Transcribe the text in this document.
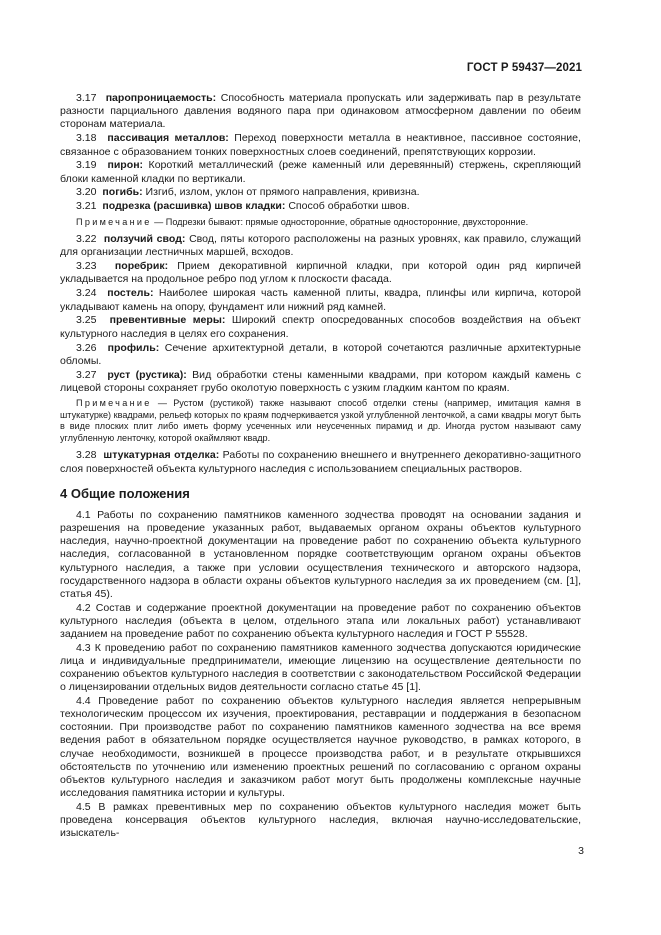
ГОСТ Р 59437—2021

3.17 паропроницаемость: Способность материала пропускать или задерживать пар в результате разности парциального давления водяного пара при одинаковом атмосферном давлении по обеим сторонам материала.

3.18 пассивация металлов: Переход поверхности металла в неактивное, пассивное состояние, связанное с образованием тонких поверхностных слоев соединений, препятствующих коррозии.

3.19 пирон: Короткий металлический (реже каменный или деревянный) стержень, скрепляющий блоки каменной кладки по вертикали.

3.20 погибь: Изгиб, излом, уклон от прямого направления, кривизна.

3.21 подрезка (расшивка) швов кладки: Способ обработки швов.

Примечание — Подрезки бывают: прямые односторонние, обратные односторонние, двухсторонние.

3.22 ползучий свод: Свод, пяты которого расположены на разных уровнях, как правило, служащий для организации лестничных маршей, всходов.

3.23 поребрик: Прием декоративной кирпичной кладки, при которой один ряд кирпичей укладывается на продольное ребро под углом к плоскости фасада.

3.24 постель: Наиболее широкая часть каменной плиты, квадра, плинфы или кирпича, которой укладывают камень на опору, фундамент или нижний ряд камней.

3.25 превентивные меры: Широкий спектр опосредованных способов воздействия на объект культурного наследия в целях его сохранения.

3.26 профиль: Сечение архитектурной детали, в которой сочетаются различные архитектурные обломы.

3.27 руст (рустика): Вид обработки стены каменными квадрами, при котором каждый камень с лицевой стороны сохраняет грубо околотую поверхность с узким гладким кантом по краям.

Примечание — Рустом (рустикой) также называют способ отделки стены (например, имитация камня в штукатурке) квадрами, рельеф которых по краям подчеркивается узкой углубленной ленточкой, а сами квадры могут быть в виде плоских плит либо иметь форму усеченных или неусеченных пирамид и др. Иногда рустом называют саму углубленную ленточку, которой окаймляют квадр.

3.28 штукатурная отделка: Работы по сохранению внешнего и внутреннего декоративно-защитного слоя поверхностей объекта культурного наследия с использованием специальных растворов.

4 Общие положения

4.1 Работы по сохранению памятников каменного зодчества проводят на основании задания и разрешения на проведение указанных работ, выдаваемых органом охраны объектов культурного наследия, научно-проектной документации на проведение работ по сохранению объекта культурного наследия, согласованной в установленном порядке соответствующим органом охраны объектов культурного наследия, а также при условии осуществления технического и авторского надзора, государственного надзора в области охраны объектов культурного наследия за их проведением (см. [1], статья 45).

4.2 Состав и содержание проектной документации на проведение работ по сохранению объектов культурного наследия (объекта в целом, отдельного этапа или локальных работ) устанавливают заданием на проведение работ по сохранению объекта культурного наследия и ГОСТ Р 55528.

4.3 К проведению работ по сохранению памятников каменного зодчества допускаются юридические лица и индивидуальные предприниматели, имеющие лицензию на осуществление деятельности по сохранению объектов культурного наследия в соответствии с законодательством Российской Федерации о лицензировании отдельных видов деятельности согласно статье 45 [1].

4.4 Проведение работ по сохранению объектов культурного наследия является непрерывным технологическим процессом их изучения, проектирования, реставрации и поддержания в безопасном состоянии. При производстве работ по сохранению памятников каменного зодчества на все время ведения работ в обязательном порядке осуществляется научное руководство, в рамках которого, в случае необходимости, возникшей в процессе производства работ, и в результате открывшихся обстоятельств по уточнению или изменению проектных решений по согласованию с органом охраны объектов культурного наследия и заказчиком работ могут быть продолжены комплексные научные исследования памятника истории и культуры.

4.5 В рамках превентивных мер по сохранению объектов культурного наследия может быть проведена консервация объектов культурного наследия, включая научно-исследовательские, изыскатель-

3
